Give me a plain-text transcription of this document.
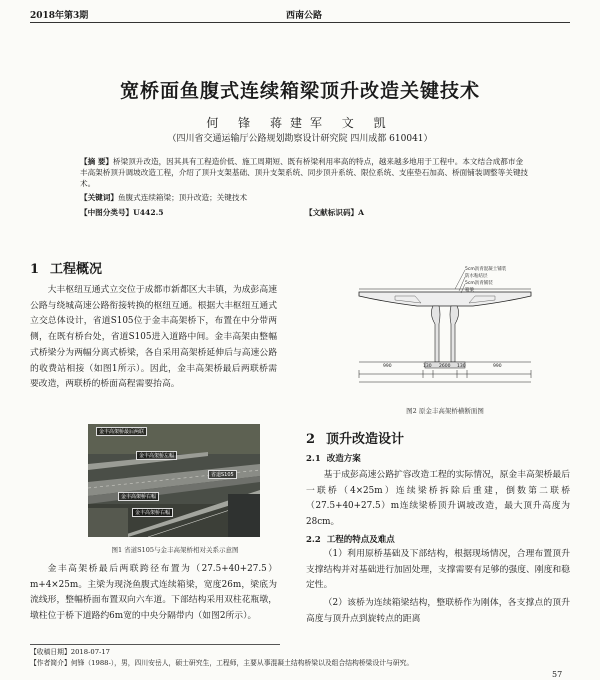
2018年第3期	西南公路
宽桥面鱼腹式连续箱梁顶升改造关键技术
何 锋 蒋建军 文 凯
（四川省交通运输厅公路规划勘察设计研究院 四川成都 610041）
【摘 要】桥梁顶升改造，因其具有工程造价低、施工周期短、既有桥梁利用率高的特点，越来越多地用于工程中。本文结合成都市金丰高架桥顶升调坡改造工程，介绍了顶升支架基础、顶升支架系统、同步顶升系统、限位系统、支座垫石加高、桥面铺装调整等关键技术。
【关键词】鱼腹式连续箱梁；顶升改造；关键技术
【中图分类号】U442.5	【文献标识码】A
1 工程概况
大丰枢纽互通式立交位于成都市新都区大丰镇，为成彭高速公路与绕城高速公路衔接转换的枢纽互通。根据大丰枢纽互通式立交总体设计，省道S105位于金丰高架桥下，布置在中分带两侧，在既有桥台处，省道S105进入道路中间。金丰高架由整幅式桥梁分为两幅分离式桥梁，各自采用高架桥延伸后与高速公路的收费站相接（如图1所示）。因此，金丰高架桥最后两联桥需要改造，两联桥的桥面高程需要抬高。
金丰高架桥最后两联
金丰高架桥左幅
省道S105
金丰高架桥右幅
金丰高架桥右幅
图1 省道S105与金丰高架桥相对关系示意图
金丰高架桥最后两联跨径布置为（27.5+40+27.5）m+4×25m。主梁为现浇鱼腹式连续箱梁，宽度26m，梁底为流线形，整幅桥面布置双向六车道。下部结构采用双柱花瓶墩，墩柱位于桥下道路约6m宽的中央分隔带内（如图2所示）。
5cm沥青混凝土铺装
防水粘结层
5cm沥青铺装
箱梁
990	130 2600 130	990
图2 原金丰高架桥横断面图
2 顶升改造设计
2.1 改造方案
基于成彭高速公路扩容改造工程的实际情况，原金丰高架桥最后一联桥（4×25m）连续梁桥拆除后重建，倒数第二联桥（27.5+40+27.5）m连续梁桥顶升调坡改造，最大顶升高度为28cm。
2.2 工程的特点及难点
（1）利用原桥基础及下部结构，根据现场情况，合理布置顶升支撑结构并对基础进行加固处理，支撑需要有足够的强度、刚度和稳定性。
（2）该桥为连续箱梁结构，整联桥作为刚体，各支撑点的顶升高度与顶升点到旋转点的距离
【收稿日期】2018-07-17
【作者简介】何锋（1988-），男，四川安岳人，硕士研究生，工程师，主要从事混凝土结构桥梁以及组合结构桥梁设计与研究。
57
